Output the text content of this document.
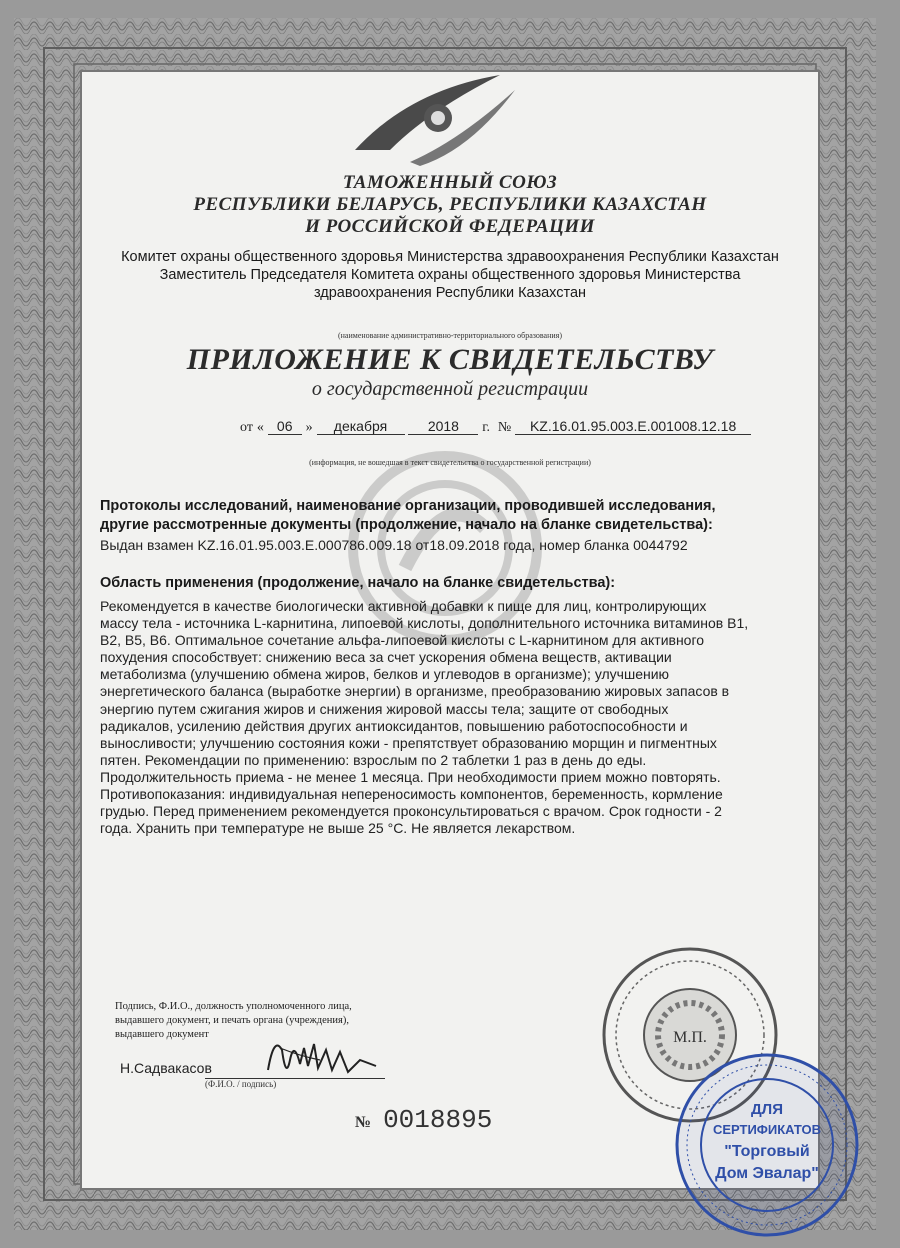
ТАМОЖЕННЫЙ СОЮЗ
РЕСПУБЛИКИ БЕЛАРУСЬ, РЕСПУБЛИКИ КАЗАХСТАН
И РОССИЙСКОЙ ФЕДЕРАЦИИ
Комитет охраны общественного здоровья Министерства здравоохранения Республики Казахстан
Заместитель Председателя Комитета охраны общественного здоровья Министерства
здравоохранения Республики Казахстан
(наименование административно-территориального образования)
ПРИЛОЖЕНИЕ К СВИДЕТЕЛЬСТВУ
о государственной регистрации
от « 06 » декабря	2018 г. № KZ.16.01.95.003.E.001008.12.18
(информация, не вошедшая в текст свидетельства о государственной регистрации)
Протоколы исследований, наименование организации, проводившей исследования,
другие рассмотренные документы (продолжение, начало на бланке свидетельства):
Выдан взамен KZ.16.01.95.003.E.000786.009.18 от18.09.2018 года, номер бланка 0044792
Область применения (продолжение, начало на бланке свидетельства):
Рекомендуется в качестве биологически активной добавки к пище для лиц, контролирующих
массу тела - источника L-карнитина, липоевой кислоты, дополнительного источника витаминов В1,
В2, В5, В6. Оптимальное сочетание альфа-липоевой кислоты с L-карнитином для активного
похудения способствует: снижению веса за счет ускорения обмена веществ, активации
метаболизма (улучшению обмена жиров, белков и углеводов в организме); улучшению
энергетического баланса (выработке энергии) в организме, преобразованию жировых запасов в
энергию путем сжигания жиров и снижения жировой массы тела; защите от свободных
радикалов, усилению действия других антиоксидантов, повышению работоспособности и
выносливости; улучшению состояния кожи - препятствует образованию морщин и пигментных
пятен. Рекомендации по применению: взрослым по 2 таблетки 1 раз в день до еды.
Продолжительность приема - не менее 1 месяца. При необходимости прием можно повторять.
Противопоказания: индивидуальная непереносимость компонентов, беременность, кормление
грудью. Перед применением рекомендуется проконсультироваться с врачом. Срок годности - 2
года. Хранить при температуре не выше 25 °С. Не является лекарством.
Подпись, Ф.И.О., должность уполномоченного лица,
выдавшего документ, и печать органа (учреждения),
выдавшего документ
Н.Садвакасов
(Ф.И.О. / подпись)
№ 0018895
М.П.
ДЛЯ
СЕРТИФИКАТОВ
"Торговый
Дом Эвалар"
